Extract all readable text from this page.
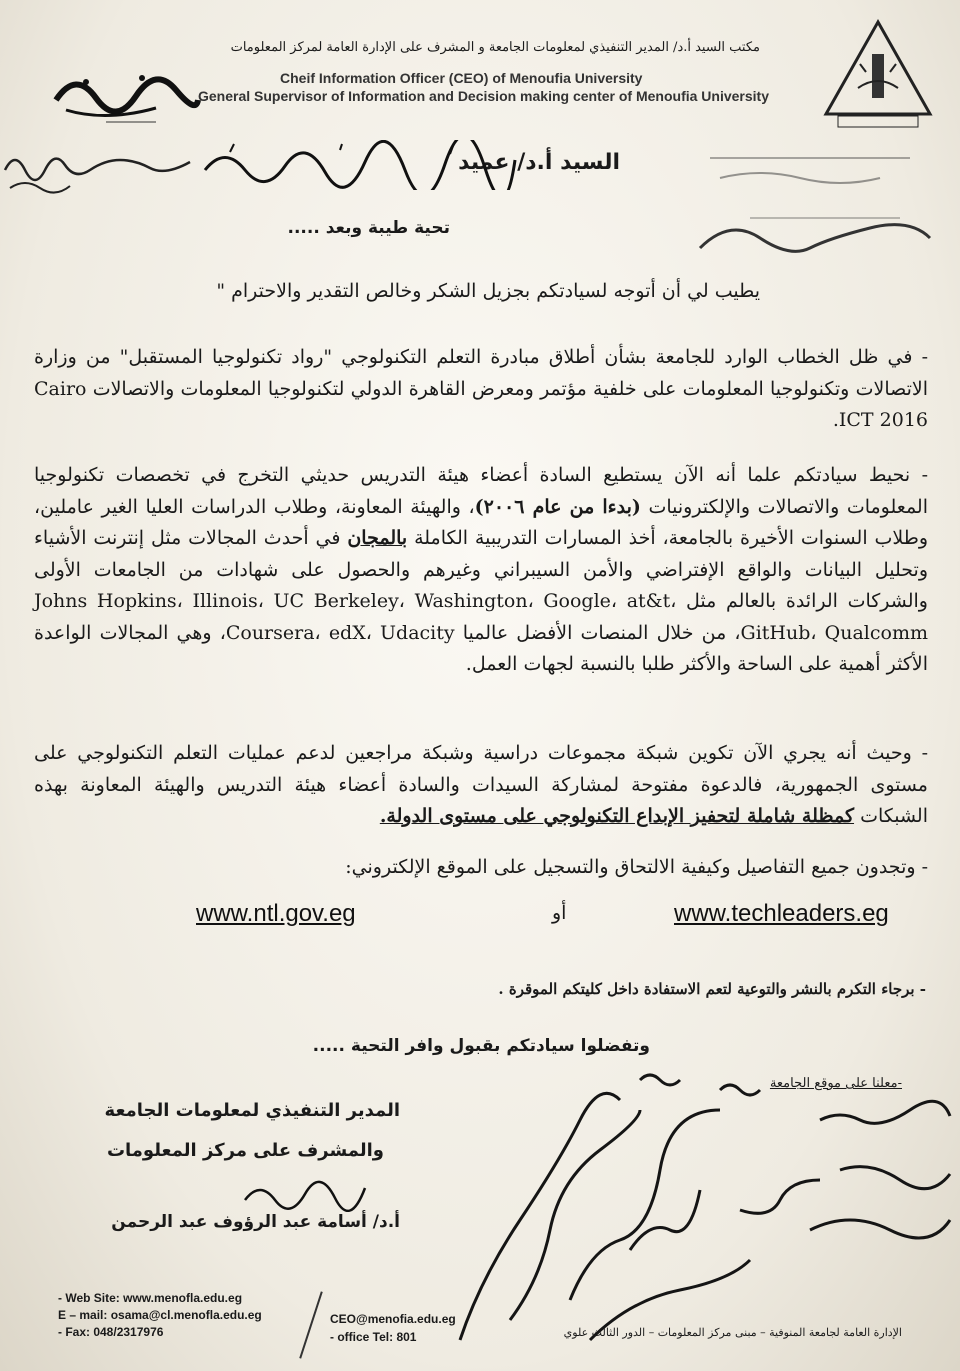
مكتب السيد أ.د/ المدير التنفيذي لمعلومات الجامعة و المشرف على الإدارة العامة لمركز المعلومات
Cheif Information Officer (CEO) of Menoufia University
General Supervisor of Information and Decision making center of Menoufia University
السيد أ.د/ عميد
تحية طيبة وبعد .....
يطيب لي أن أتوجه لسيادتكم بجزيل الشكر وخالص التقدير والاحترام "
- في ظل الخطاب الوارد للجامعة بشأن أطلاق مبادرة التعلم التكنولوجي "رواد تكنولوجيا المستقبل" من وزارة الاتصالات وتكنولوجيا المعلومات على خلفية مؤتمر ومعرض القاهرة الدولي لتكنولوجيا المعلومات والاتصالات Cairo ICT 2016.
- نحيط سيادتكم علما أنه الآن يستطيع السادة أعضاء هيئة التدريس حديثي التخرج في تخصصات تكنولوجيا المعلومات والاتصالات والإلكترونيات (بدءا من عام ٢٠٠٦)، والهيئة المعاونة، وطلاب الدراسات العليا الغير عاملين، وطلاب السنوات الأخيرة بالجامعة، أخذ المسارات التدريبية الكاملة بالمجان في أحدث المجالات مثل إنترنت الأشياء وتحليل البيانات والواقع الإفتراضي والأمن السيبراني وغيرهم والحصول على شهادات من الجامعات الأولى والشركات الرائدة بالعالم مثل Johns Hopkins، Illinois، UC Berkeley، Washington، Google، at&t، GitHub، Qualcomm، من خلال المنصات الأفضل عالميا Coursera، edX، Udacity، وهي المجالات الواعدة الأكثر أهمية على الساحة والأكثر طلبا بالنسبة لجهات العمل.
- وحيث أنه يجري الآن تكوين شبكة مجموعات دراسية وشبكة مراجعين لدعم عمليات التعلم التكنولوجي على مستوى الجمهورية، فالدعوة مفتوحة لمشاركة السيدات والسادة أعضاء هيئة التدريس والهيئة المعاونة بهذه الشبكات كمظلة شاملة لتحفيز الإبداع التكنولوجي على مستوى الدولة.
- وتجدون جميع التفاصيل وكيفية الالتحاق والتسجيل على الموقع الإلكتروني:
www.ntl.gov.eg	أو	www.techleaders.eg
- برجاء التكرم بالنشر والتوعية لتعم الاستفادة داخل كليتكم الموقرة .
وتفضلوا سيادتكم بقبول وافر التحية .....
-معلنا على موقع الجامعة
المدير التنفيذي لمعلومات الجامعة
والمشرف على مركز المعلومات
أ.د/ أسامة عبد الرؤوف عبد الرحمن
- Web Site: www.menofla.edu.eg
E – mail: osama@cl.menofla.edu.eg
- Fax: 048/2317976
CEO@menofia.edu.eg
- office Tel: 801	الإدارة العامة لجامعة المنوفية – مبنى مركز المعلومات – الدور الثالث علوي
